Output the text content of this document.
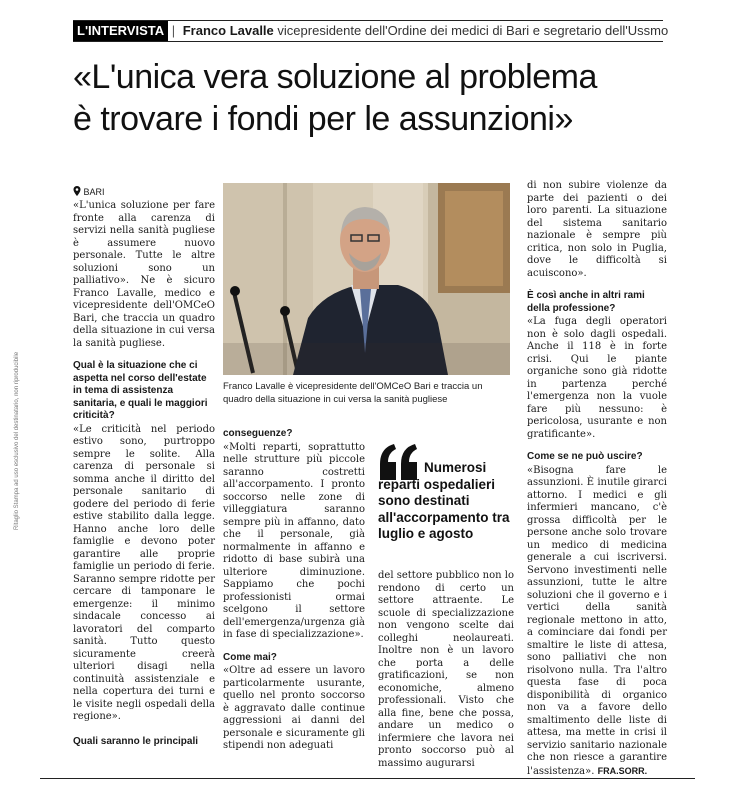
Ritaglio Stampa ad uso esclusivo del destinatario, non riproducibile
L'INTERVISTA | Franco Lavalle vicepresidente dell'Ordine dei medici di Bari e segretario dell'Ussmo
«L'unica vera soluzione al problema
è trovare i fondi per le assunzioni»
BARI

«L'unica soluzione per fare fronte alla carenza di servizi nella sanità pugliese è assumere nuovo personale. Tutte le altre soluzioni sono un palliativo». Ne è sicuro Franco Lavalle, medico e vicepresidente dell'OMCeO Bari, che traccia un quadro della situazione in cui versa la sanità pugliese.

Qual è la situazione che ci aspetta nel corso dell'estate in tema di assistenza sanitaria, e quali le maggiori criticità?

«Le criticità nel periodo estivo sono, purtroppo sempre le solite. Alla carenza di personale si somma anche il diritto del personale sanitario di godere del periodo di ferie estive stabilito dalla legge. Hanno anche loro delle famiglie e devono poter garantire alle proprie famiglie un periodo di ferie. Saranno sempre ridotte per cercare di tamponare le emergenze: il minimo sindacale concesso ai lavoratori del comparto sanità. Tutto questo sicuramente creerà ulteriori disagi nella continuità assistenziale e nella copertura dei turni e le visite negli ospedali della regione».

Quali saranno le principali
Franco Lavalle è vicepresidente dell'OMCeO Bari e traccia un quadro della situazione in cui versa la sanità pugliese
conseguenze?

«Molti reparti, soprattutto nelle strutture più piccole saranno costretti all'accorpamento. I pronto soccorso nelle zone di villeggiatura saranno sempre più in affanno, dato che il personale, già normalmente in affanno e ridotto di base subirà una ulteriore diminuzione. Sappiamo che pochi professionisti ormai scelgono il settore dell'emergenza/urgenza già in fase di specializzazione».

Come mai?

«Oltre ad essere un lavoro particolarmente usurante, quello nel pronto soccorso è aggravato dalle continue aggressioni ai danni del personale e sicuramente gli stipendi non adeguati

Numerosi reparti ospedalieri sono destinati all'accorpamento tra luglio e agosto

del settore pubblico non lo rendono di certo un settore attraente. Le scuole di specializzazione non vengono scelte dai colleghi neolaureati. Inoltre non è un lavoro che porta a delle gratificazioni, se non economiche, almeno professionali. Visto che alla fine, bene che possa, andare un medico o infermiere che lavora nei pronto soccorso può al massimo augurarsi

di non subire violenze da parte dei pazienti o dei loro parenti. La situazione del sistema sanitario nazionale è sempre più critica, non solo in Puglia, dove le difficoltà si acuiscono».

È così anche in altri rami della professione?

«La fuga degli operatori non è solo dagli ospedali. Anche il 118 è in forte crisi. Qui le piante organiche sono già ridotte in partenza perché l'emergenza non la vuole fare più nessuno: è pericolosa, usurante e non gratificante».

Come se ne può uscire?

«Bisogna fare le assunzioni. È inutile girarci attorno. I medici e gli infermieri mancano, c'è grossa difficoltà per le persone anche solo trovare un medico di medicina generale a cui iscriversi. Servono investimenti nelle assunzioni, tutte le altre soluzioni che il governo e i vertici della sanità regionale mettono in atto, a cominciare dai fondi per smaltire le liste di attesa, sono palliativi che non risolvono nulla. Tra l'altro questa fase di poca disponibilità di organico non va a favore dello smaltimento delle liste di attesa, ma mette in crisi il servizio sanitario nazionale che non riesce a garantire l'assistenza». FRA.SORR.
